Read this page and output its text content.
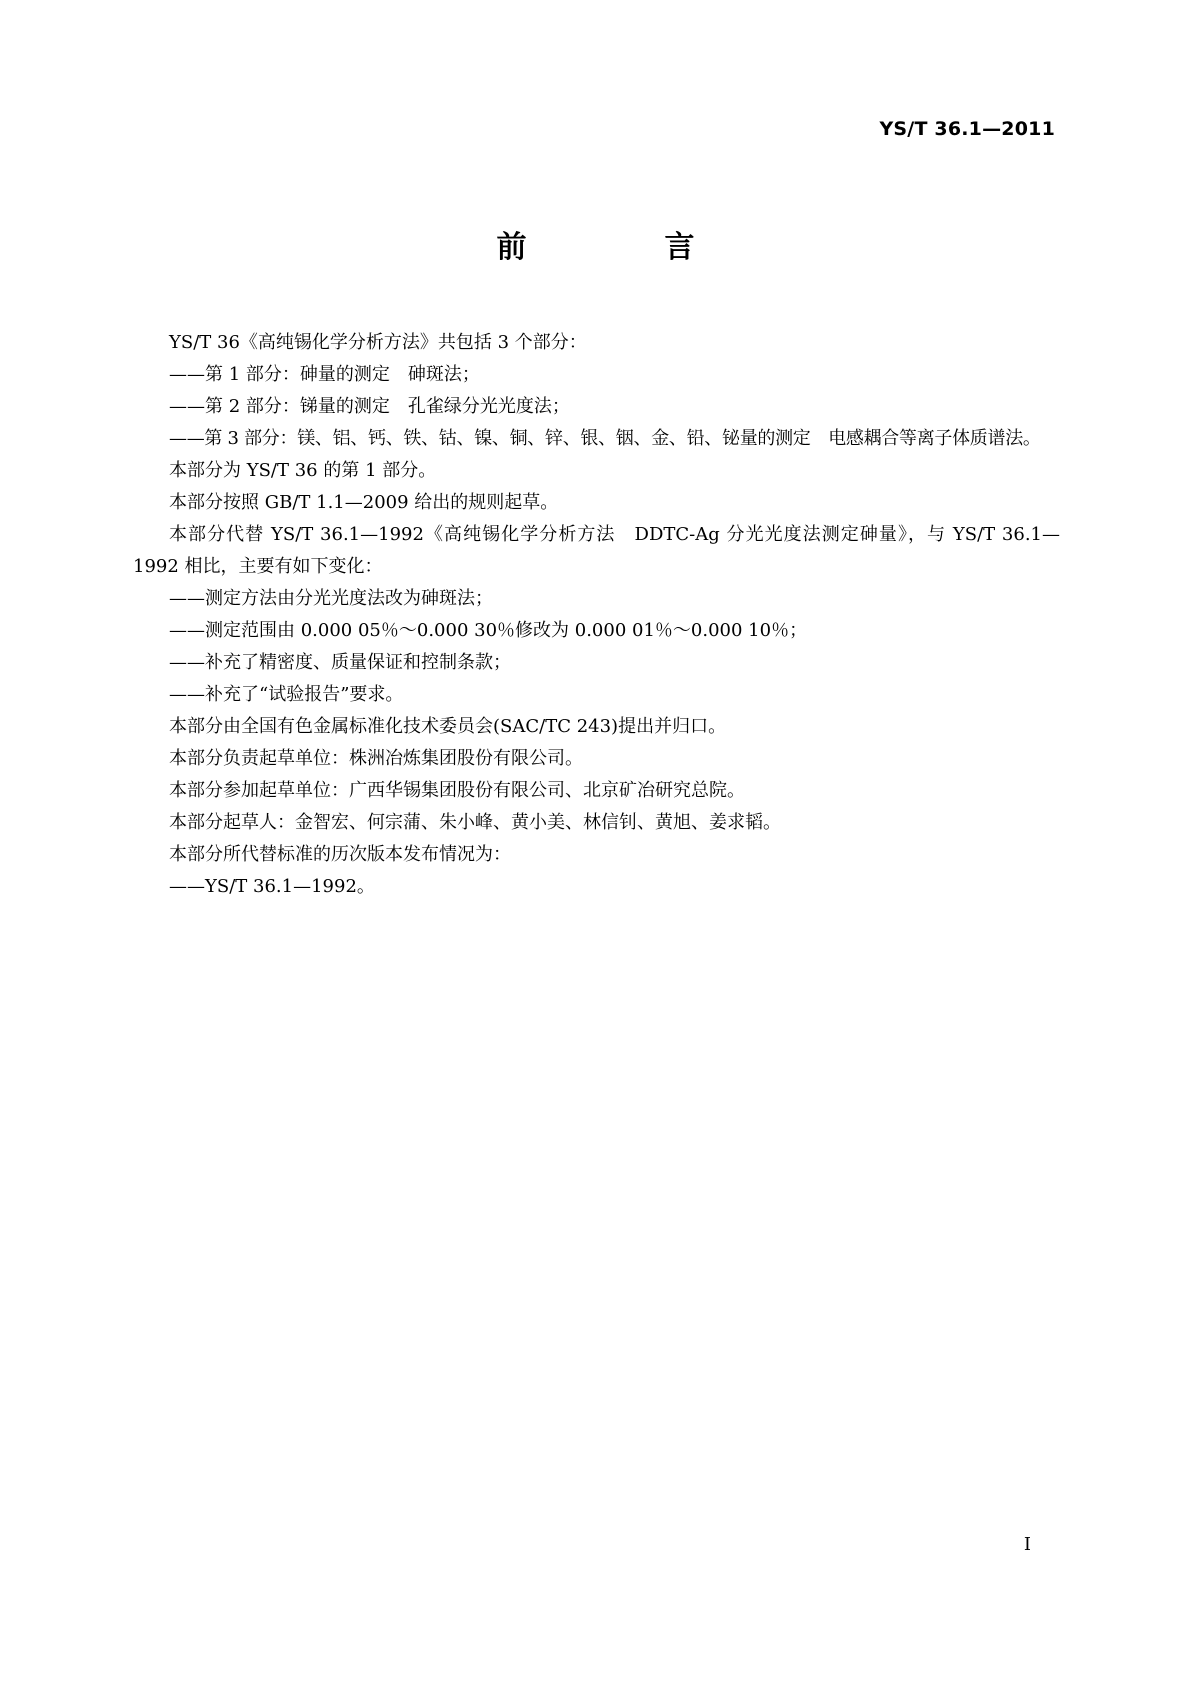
YS/T 36.1—2011
前　言

YS/T 36《高纯锡化学分析方法》共包括 3 个部分：

——第 1 部分：砷量的测定　砷斑法；

——第 2 部分：锑量的测定　孔雀绿分光光度法；

——第 3 部分：镁、铝、钙、铁、钴、镍、铜、锌、银、铟、金、铅、铋量的测定　电感耦合等离子体质谱法。

本部分为 YS/T 36 的第 1 部分。

本部分按照 GB/T 1.1—2009 给出的规则起草。

本部分代替 YS/T 36.1—1992《高纯锡化学分析方法　DDTC-Ag 分光光度法测定砷量》，与 YS/T 36.1—1992 相比，主要有如下变化：

——测定方法由分光光度法改为砷斑法；

——测定范围由 0.000 05％～0.000 30％修改为 0.000 01％～0.000 10％；

——补充了精密度、质量保证和控制条款；

——补充了“试验报告”要求。

本部分由全国有色金属标准化技术委员会(SAC/TC 243)提出并归口。

本部分负责起草单位：株洲冶炼集团股份有限公司。

本部分参加起草单位：广西华锡集团股份有限公司、北京矿冶研究总院。

本部分起草人：金智宏、何宗蒲、朱小峰、黄小美、林信钊、黄旭、姜求韬。

本部分所代替标准的历次版本发布情况为：

——YS/T 36.1—1992。

I
